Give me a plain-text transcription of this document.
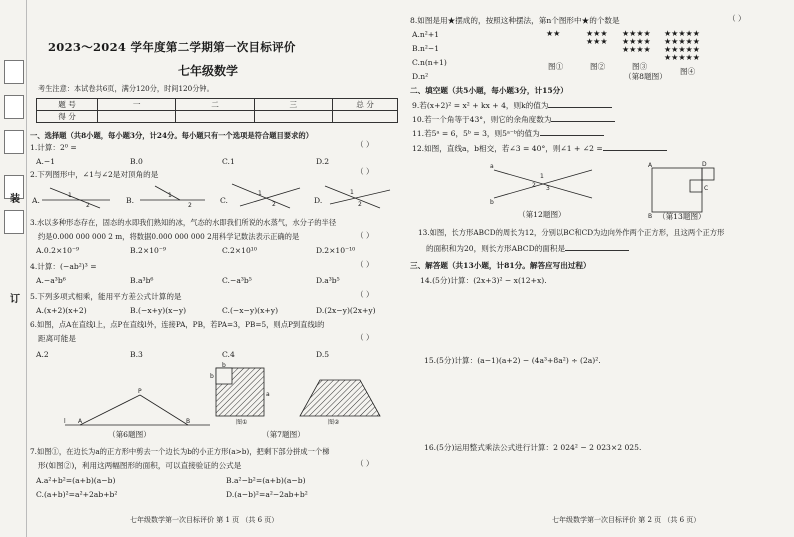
装
订
2023～2024 学年度第二学期第一次目标评价
七年级数学
考生注意：本试卷共6页，满分120分，时间120分钟。
题 号	一	二	三	总 分
得 分				
一、选择题（共8小题，每小题3分，计24分。每小题只有一个选项是符合题目要求的）
1.计算：2⁰ =	（ ）
A.−1	B.0	C.1	D.2
2.下列图形中，∠1与∠2是对顶角的是	（ ）
A.	B.	C.	D.
1
2
1
2
1
2
1
2
3.水以多种形态存在，固态的水即我们熟知的冰，气态的水即我们所说的水蒸气，水分子的半径
约是0.000 000 000 2 m，将数据0.000 000 000 2用科学记数法表示正确的是	（ ）
A.0.2×10⁻⁹	B.2×10⁻⁹	C.2×10¹⁰	D.2×10⁻¹⁰
4.计算：(−ab²)³ =	（ ）
A.−a³b⁶	B.a³b⁶	C.−a³b⁵	D.a³b⁵
5.下列多项式相乘，能用平方差公式计算的是	（ ）
A.(x+2)(x+2)	B.(−x+y)(x−y)	C.(−x−y)(x+y)	D.(2x−y)(2x+y)
6.如图，点A在直线l上，点P在直线l外，连接PA，PB，若PA=3，PB=5，则点P到直线l的
距离可能是	（ ）
A.2	B.3	C.4	D.5
l A
P
B
（第6题图）
b
b
a
图①	图②
（第7题图）
7.如图①，在边长为a的正方形中剪去一个边长为b的小正方形(a>b)，把剩下部分拼成一个梯
形(如图②)，利用这两幅图形的面积，可以直接验证的公式是	（ ）
A.a²+b²=(a+b)(a−b)	B.a²−b²=(a+b)(a−b)
C.(a+b)²=a²+2ab+b²	D.(a−b)²=a²−2ab+b²
七年级数学第一次目标评价 第 1 页 （共 6 页）
8.如图是用★摆成的，按照这种摆法，第n个图形中★的个数是	（ ）
A.n²+1
B.n²−1
C.n(n+1)
D.n²
★★	★★★
★★★
★★★★
★★★★
★★★★
★★★★★
★★★★★
★★★★★
★★★★★
图①	图②	图③
图④
（第8题图）
二、填空题（共5小题，每小题3分，计15分）
9.若(x+2)² = x² + kx + 4，则k的值为
10.若一个角等于43°，则它的余角度数为
11.若5ᵃ = 6，5ᵇ = 3，则5ᵃ⁻ᵇ的值为
12.如图，直线a，b相交，若∠3 = 40°，则∠1 + ∠2 =
a
b
1
2 3
（第12题图）
A	D
B
C
（第13题图）
13.如图，长方形ABCD的周长为12，分别以BC和CD为边向外作两个正方形，且这两个正方形
的面积和为20，则长方形ABCD的面积是
三、解答题（共13小题，计81分。解答应写出过程）
14.(5分)计算：(2x+3)² − x(12+x).
15.(5分)计算：(a−1)(a+2) − (4a³+8a²) ÷ (2a)².
16.(5分)运用整式乘法公式进行计算：2 024² − 2 023×2 025.
七年级数学第一次目标评价 第 2 页 （共 6 页）
